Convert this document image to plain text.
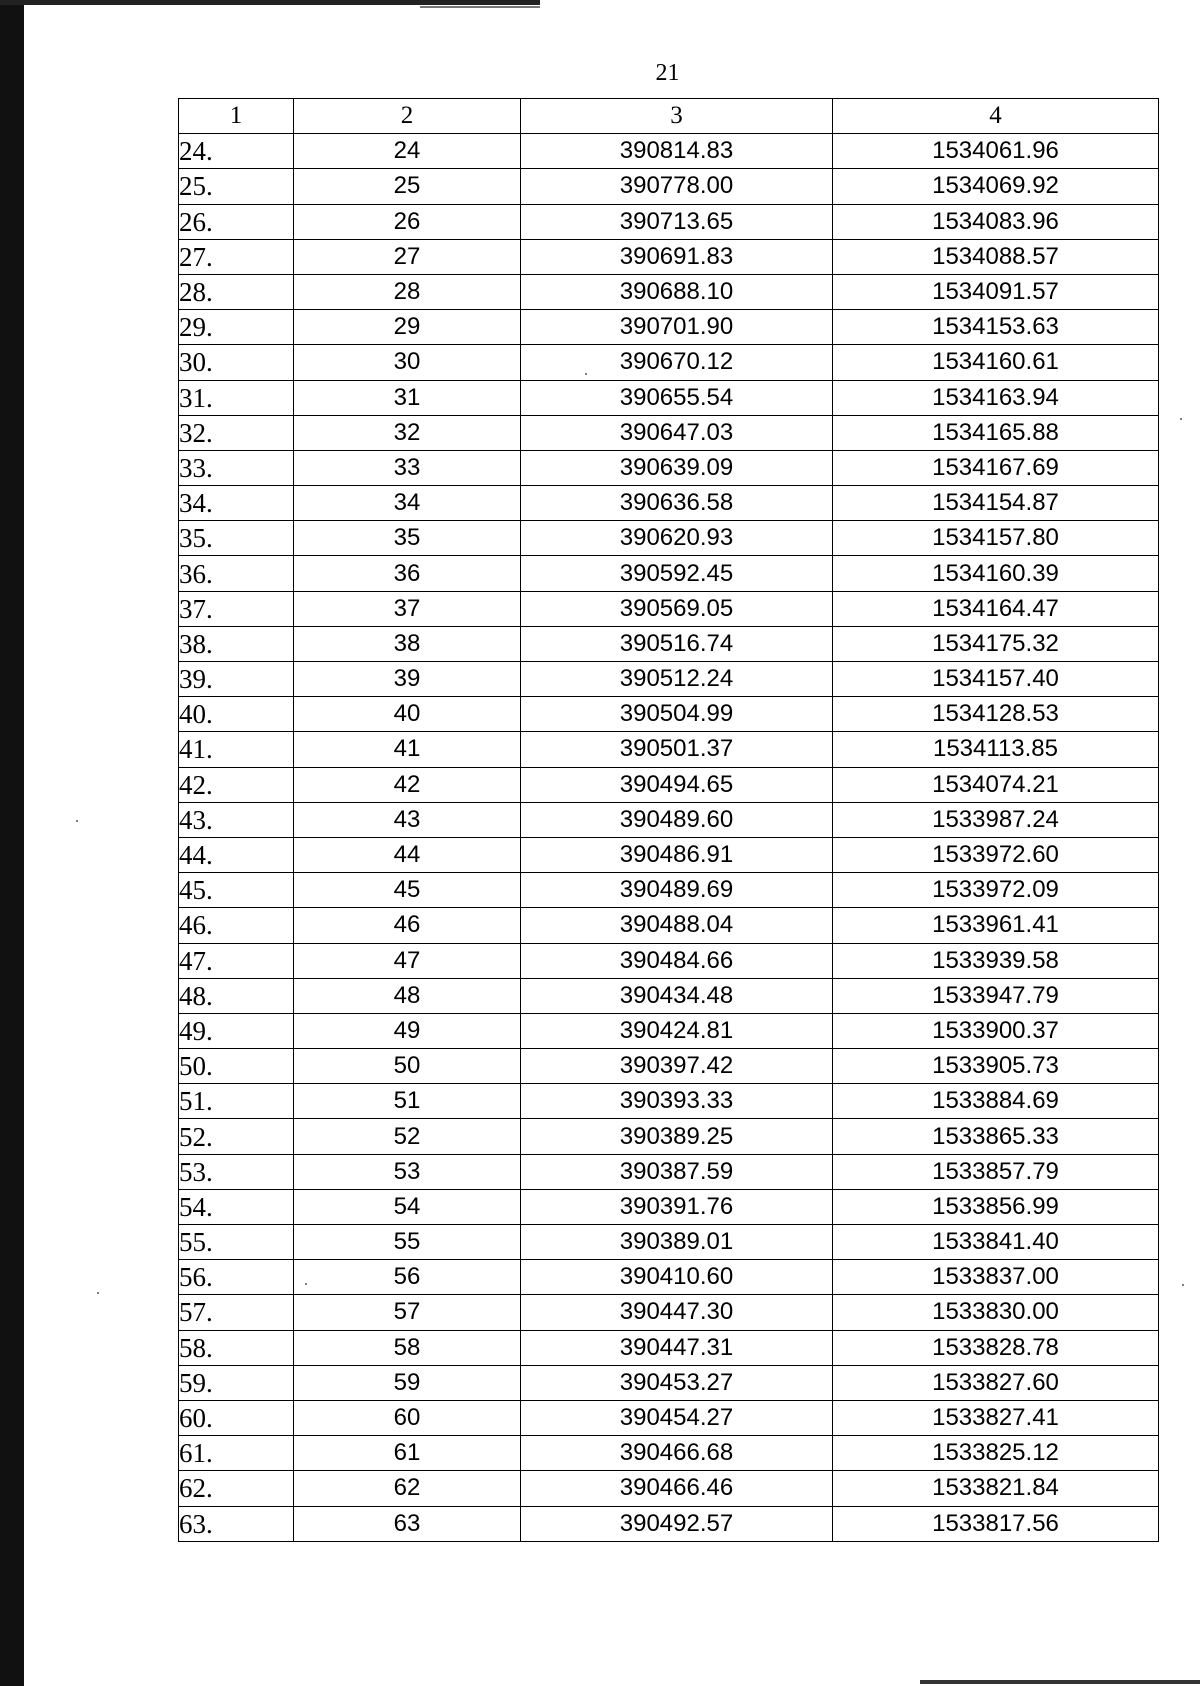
21
1	2	3	4
24.	24	390814.83	1534061.96
25.	25	390778.00	1534069.92
26.	26	390713.65	1534083.96
27.	27	390691.83	1534088.57
28.	28	390688.10	1534091.57
29.	29	390701.90	1534153.63
30.	30	390670.12	1534160.61
31.	31	390655.54	1534163.94
32.	32	390647.03	1534165.88
33.	33	390639.09	1534167.69
34.	34	390636.58	1534154.87
35.	35	390620.93	1534157.80
36.	36	390592.45	1534160.39
37.	37	390569.05	1534164.47
38.	38	390516.74	1534175.32
39.	39	390512.24	1534157.40
40.	40	390504.99	1534128.53
41.	41	390501.37	1534113.85
42.	42	390494.65	1534074.21
43.	43	390489.60	1533987.24
44.	44	390486.91	1533972.60
45.	45	390489.69	1533972.09
46.	46	390488.04	1533961.41
47.	47	390484.66	1533939.58
48.	48	390434.48	1533947.79
49.	49	390424.81	1533900.37
50.	50	390397.42	1533905.73
51.	51	390393.33	1533884.69
52.	52	390389.25	1533865.33
53.	53	390387.59	1533857.79
54.	54	390391.76	1533856.99
55.	55	390389.01	1533841.40
56.	56	390410.60	1533837.00
57.	57	390447.30	1533830.00
58.	58	390447.31	1533828.78
59.	59	390453.27	1533827.60
60.	60	390454.27	1533827.41
61.	61	390466.68	1533825.12
62.	62	390466.46	1533821.84
63.	63	390492.57	1533817.56
